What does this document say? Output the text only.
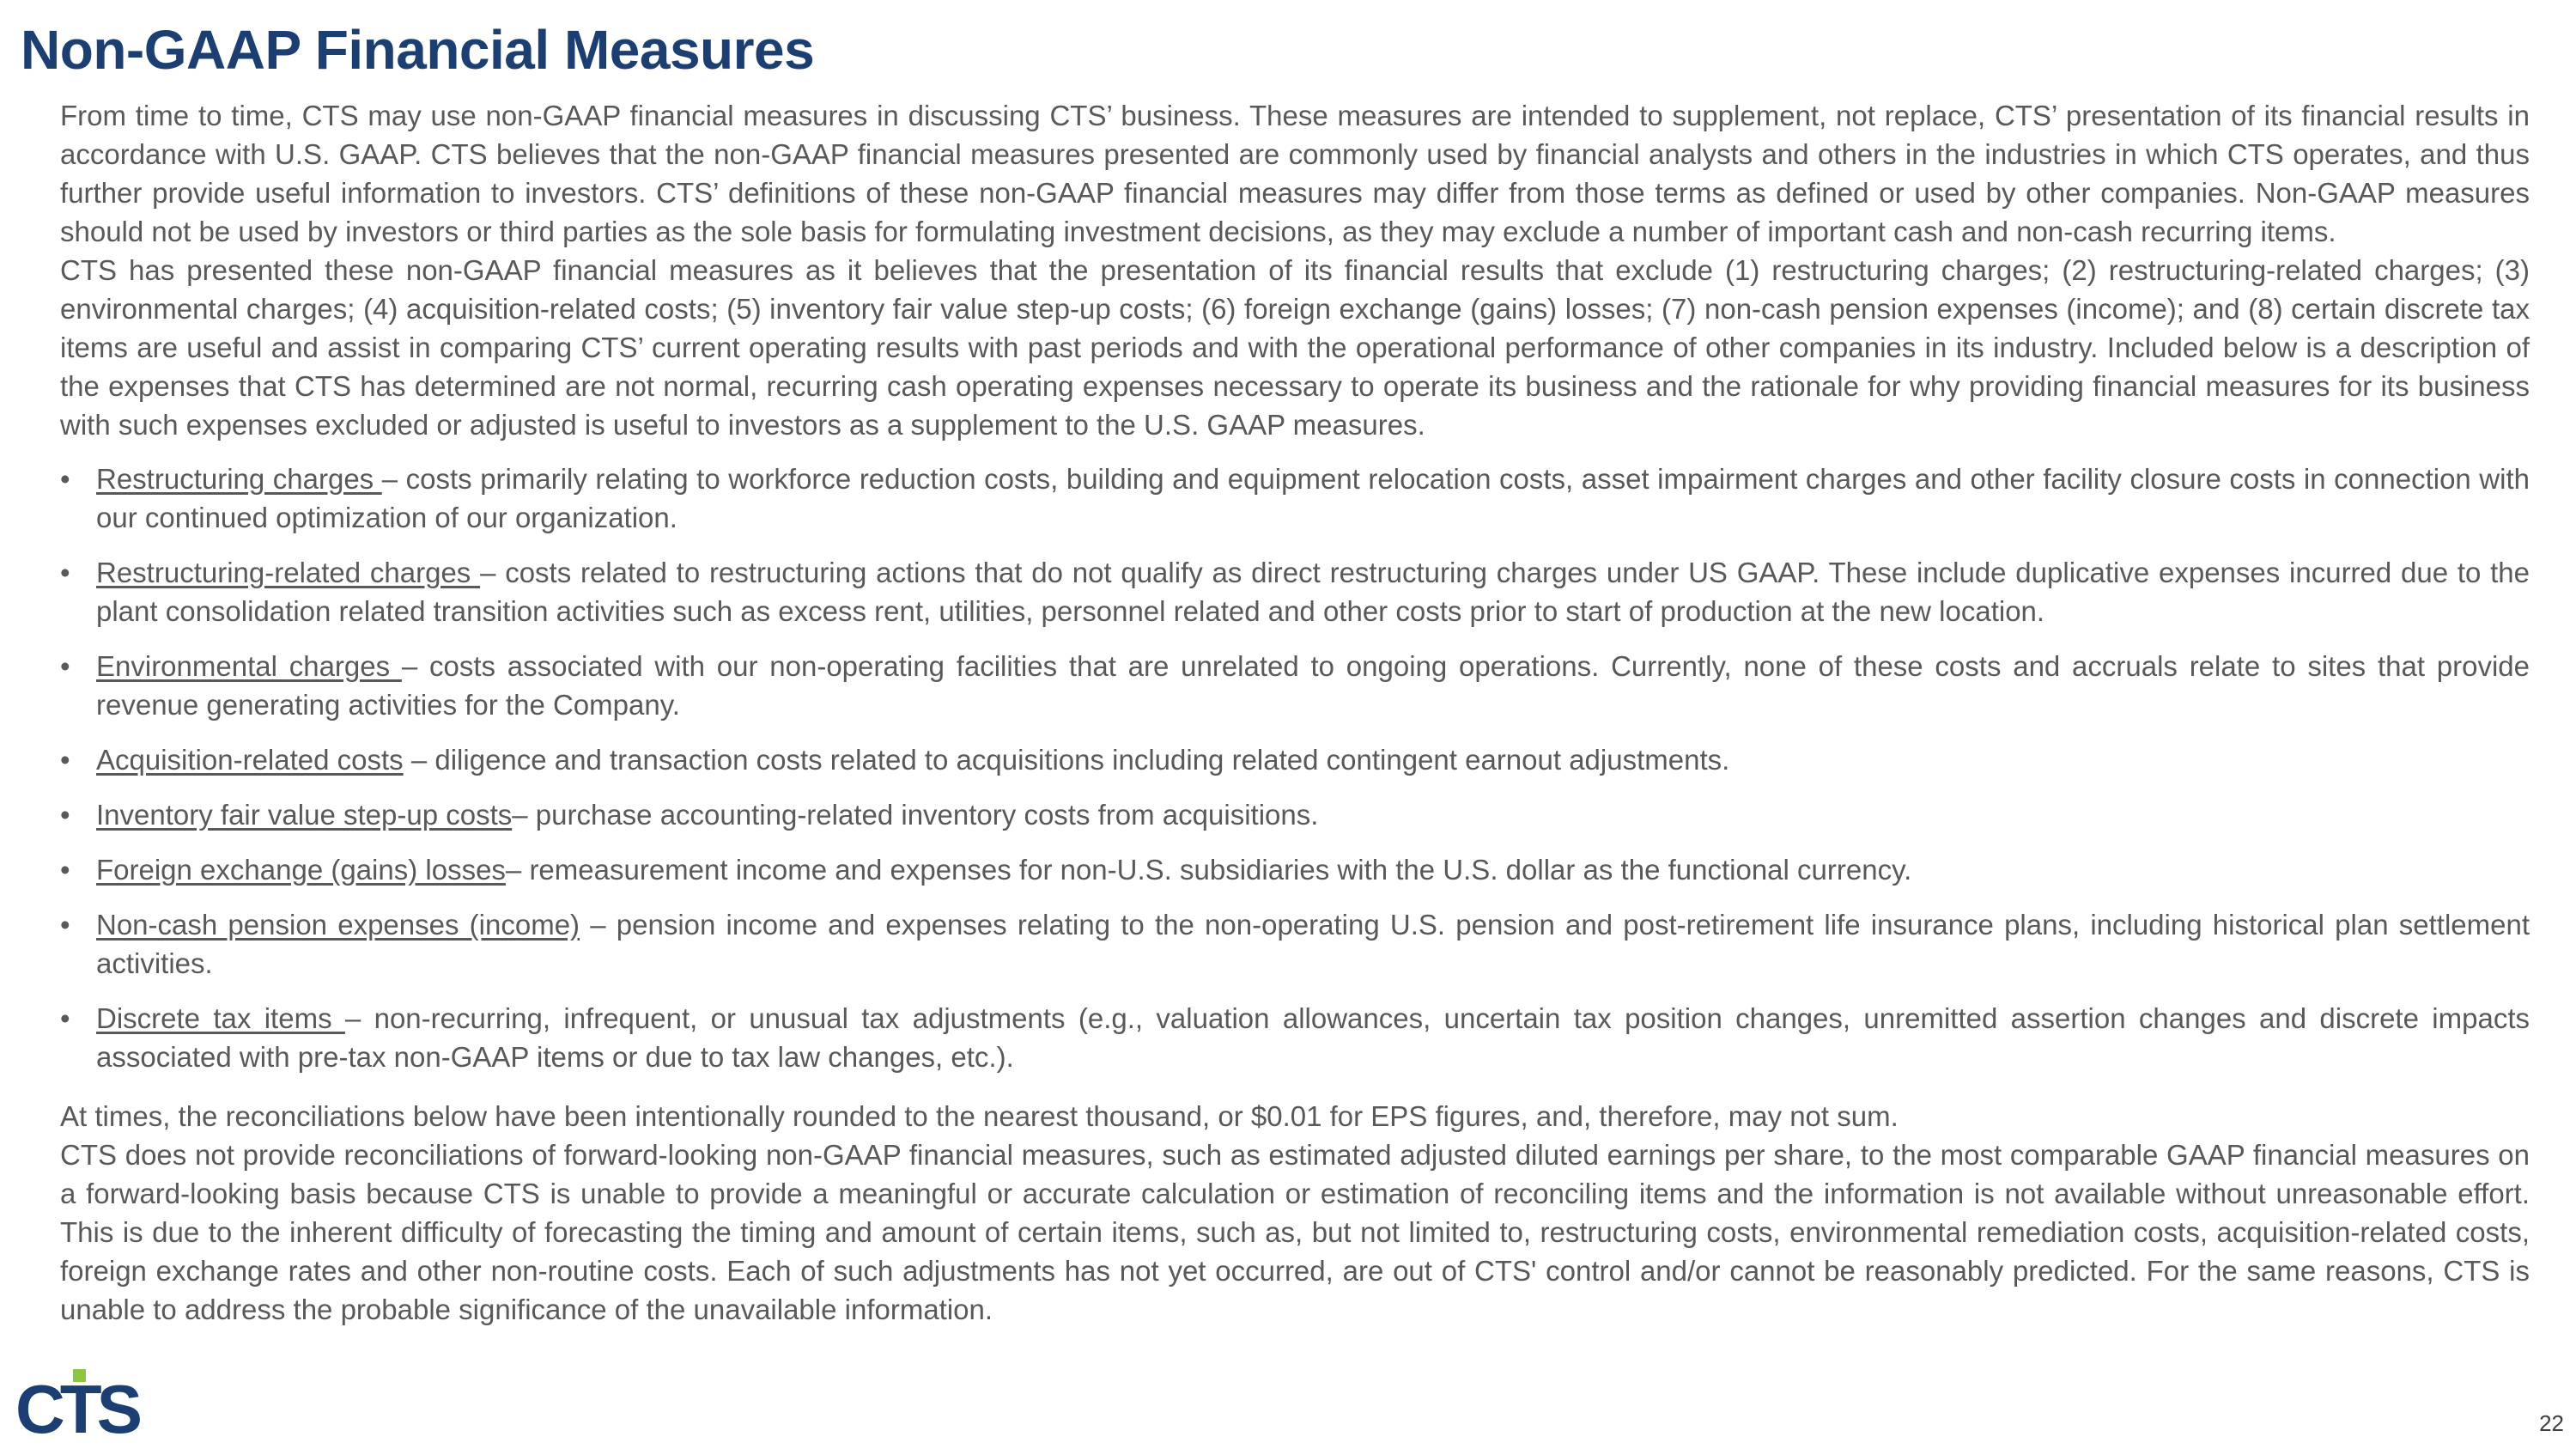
Non-GAAP Financial Measures

From time to time, CTS may use non-GAAP financial measures in discussing CTS’ business. These measures are intended to supplement, not replace, CTS’ presentation of its financial results in accordance with U.S. GAAP. CTS believes that the non-GAAP financial measures presented are commonly used by financial analysts and others in the industries in which CTS operates, and thus further provide useful information to investors. CTS’ definitions of these non-GAAP financial measures may differ from those terms as defined or used by other companies. Non-GAAP measures should not be used by investors or third parties as the sole basis for formulating investment decisions, as they may exclude a number of important cash and non-cash recurring items.

CTS has presented these non-GAAP financial measures as it believes that the presentation of its financial results that exclude (1) restructuring charges; (2) restructuring-related charges; (3) environmental charges; (4) acquisition-related costs; (5) inventory fair value step-up costs; (6) foreign exchange (gains) losses; (7) non-cash pension expenses (income); and (8) certain discrete tax items are useful and assist in comparing CTS’ current operating results with past periods and with the operational performance of other companies in its industry. Included below is a description of the expenses that CTS has determined are not normal, recurring cash operating expenses necessary to operate its business and the rationale for why providing financial measures for its business with such expenses excluded or adjusted is useful to investors as a supplement to the U.S. GAAP measures.

• Restructuring charges – costs primarily relating to workforce reduction costs, building and equipment relocation costs, asset impairment charges and other facility closure costs in connection with our continued optimization of our organization.
• Restructuring-related charges – costs related to restructuring actions that do not qualify as direct restructuring charges under US GAAP. These include duplicative expenses incurred due to the plant consolidation related transition activities such as excess rent, utilities, personnel related and other costs prior to start of production at the new location.
• Environmental charges – costs associated with our non-operating facilities that are unrelated to ongoing operations. Currently, none of these costs and accruals relate to sites that provide revenue generating activities for the Company.
• Acquisition-related costs – diligence and transaction costs related to acquisitions including related contingent earnout adjustments.
• Inventory fair value step-up costs– purchase accounting-related inventory costs from acquisitions.
• Foreign exchange (gains) losses– remeasurement income and expenses for non-U.S. subsidiaries with the U.S. dollar as the functional currency.
• Non-cash pension expenses (income) – pension income and expenses relating to the non-operating U.S. pension and post-retirement life insurance plans, including historical plan settlement activities.
• Discrete tax items – non-recurring, infrequent, or unusual tax adjustments (e.g., valuation allowances, uncertain tax position changes, unremitted assertion changes and discrete impacts associated with pre-tax non-GAAP items or due to tax law changes, etc.).

At times, the reconciliations below have been intentionally rounded to the nearest thousand, or $0.01 for EPS figures, and, therefore, may not sum.

CTS does not provide reconciliations of forward-looking non-GAAP financial measures, such as estimated adjusted diluted earnings per share, to the most comparable GAAP financial measures on a forward-looking basis because CTS is unable to provide a meaningful or accurate calculation or estimation of reconciling items and the information is not available without unreasonable effort. This is due to the inherent difficulty of forecasting the timing and amount of certain items, such as, but not limited to, restructuring costs, environmental remediation costs, acquisition-related costs, foreign exchange rates and other non-routine costs. Each of such adjustments has not yet occurred, are out of CTS' control and/or cannot be reasonably predicted. For the same reasons, CTS is unable to address the probable significance of the unavailable information.

CTS	22
